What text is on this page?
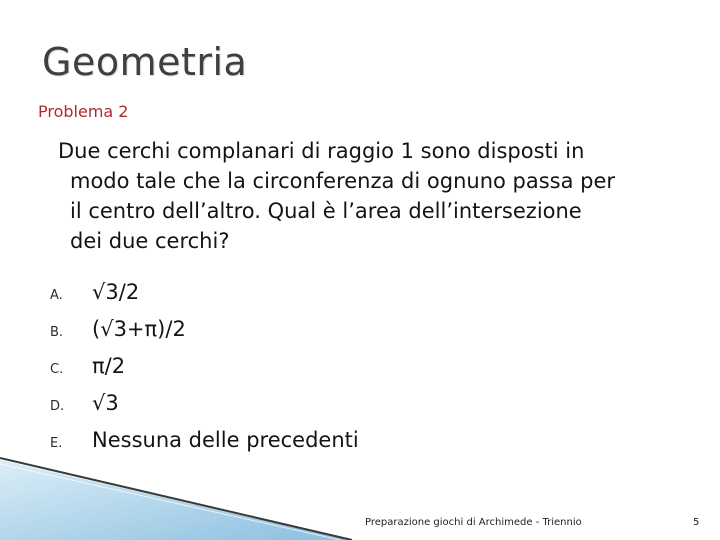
Geometria
Problema 2
Due cerchi complanari di raggio 1 sono disposti in
modo tale che la circonferenza di ognuno passa per
il centro dell’altro. Qual è l’area dell’intersezione
dei due cerchi?
A.	√3/2
B.	(√3+π)/2
C.	π/2
D.	√3
E.	Nessuna delle precedenti
Preparazione giochi di Archimede - Triennio	5
